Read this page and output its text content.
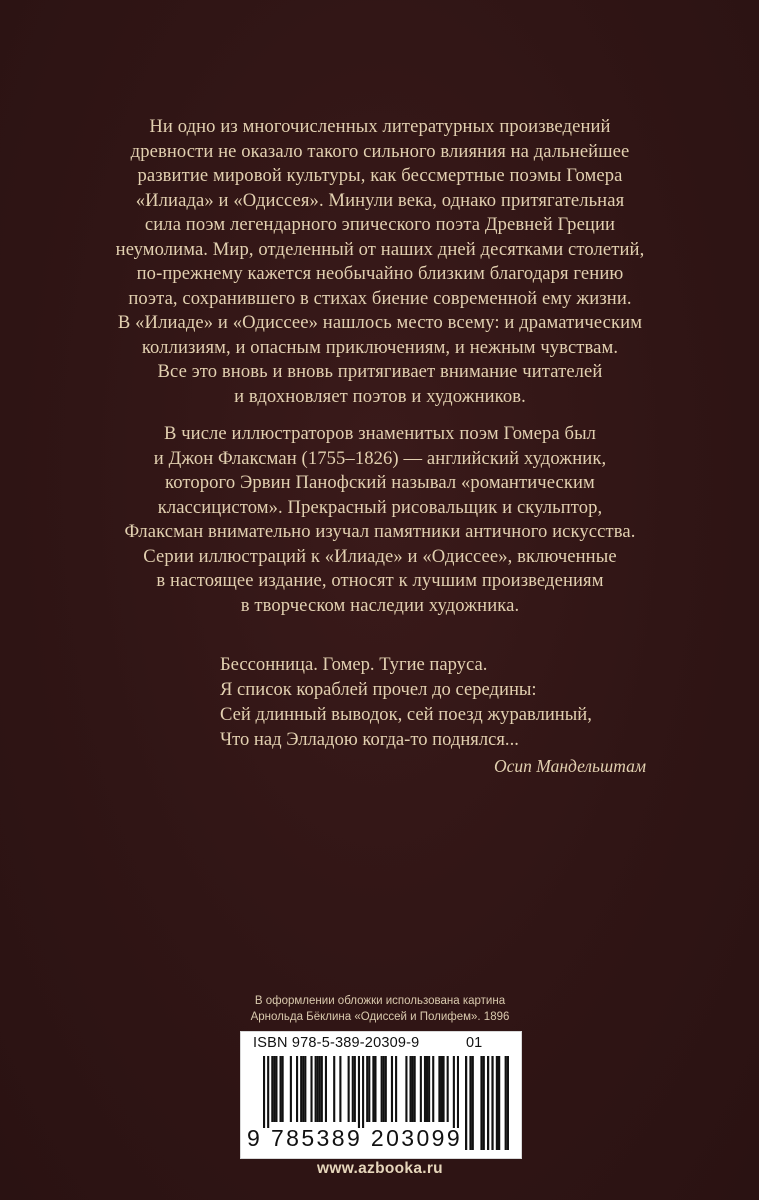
Ни одно из многочисленных литературных произведений
древности не оказало такого сильного влияния на дальнейшее
развитие мировой культуры, как бессмертные поэмы Гомера
«Илиада» и «Одиссея». Минули века, однако притягательная
сила поэм легендарного эпического поэта Древней Греции
неумолима. Мир, отделенный от наших дней десятками столетий,
по-прежнему кажется необычайно близким благодаря гению
поэта, сохранившего в стихах биение современной ему жизни.
В «Илиаде» и «Одиссее» нашлось место всему: и драматическим
коллизиям, и опасным приключениям, и нежным чувствам.
Все это вновь и вновь притягивает внимание читателей
и вдохновляет поэтов и художников.
В числе иллюстраторов знаменитых поэм Гомера был
и Джон Флаксман (1755–1826) — английский художник,
которого Эрвин Панофский называл «романтическим
классицистом». Прекрасный рисовальщик и скульптор,
Флаксман внимательно изучал памятники античного искусства.
Серии иллюстраций к «Илиаде» и «Одиссее», включенные
в настоящее издание, относят к лучшим произведениям
в творческом наследии художника.
Бессонница. Гомер. Тугие паруса.
Я список кораблей прочел до середины:
Сей длинный выводок, сей поезд журавлиный,
Что над Элладою когда-то поднялся...
Осип Мандельштам
В оформлении обложки использована картина
Арнольда Бёклина «Одиссей и Полифем». 1896
ISBN 978-5-389-20309-9	01
9 785389 203099
www.azbooka.ru
